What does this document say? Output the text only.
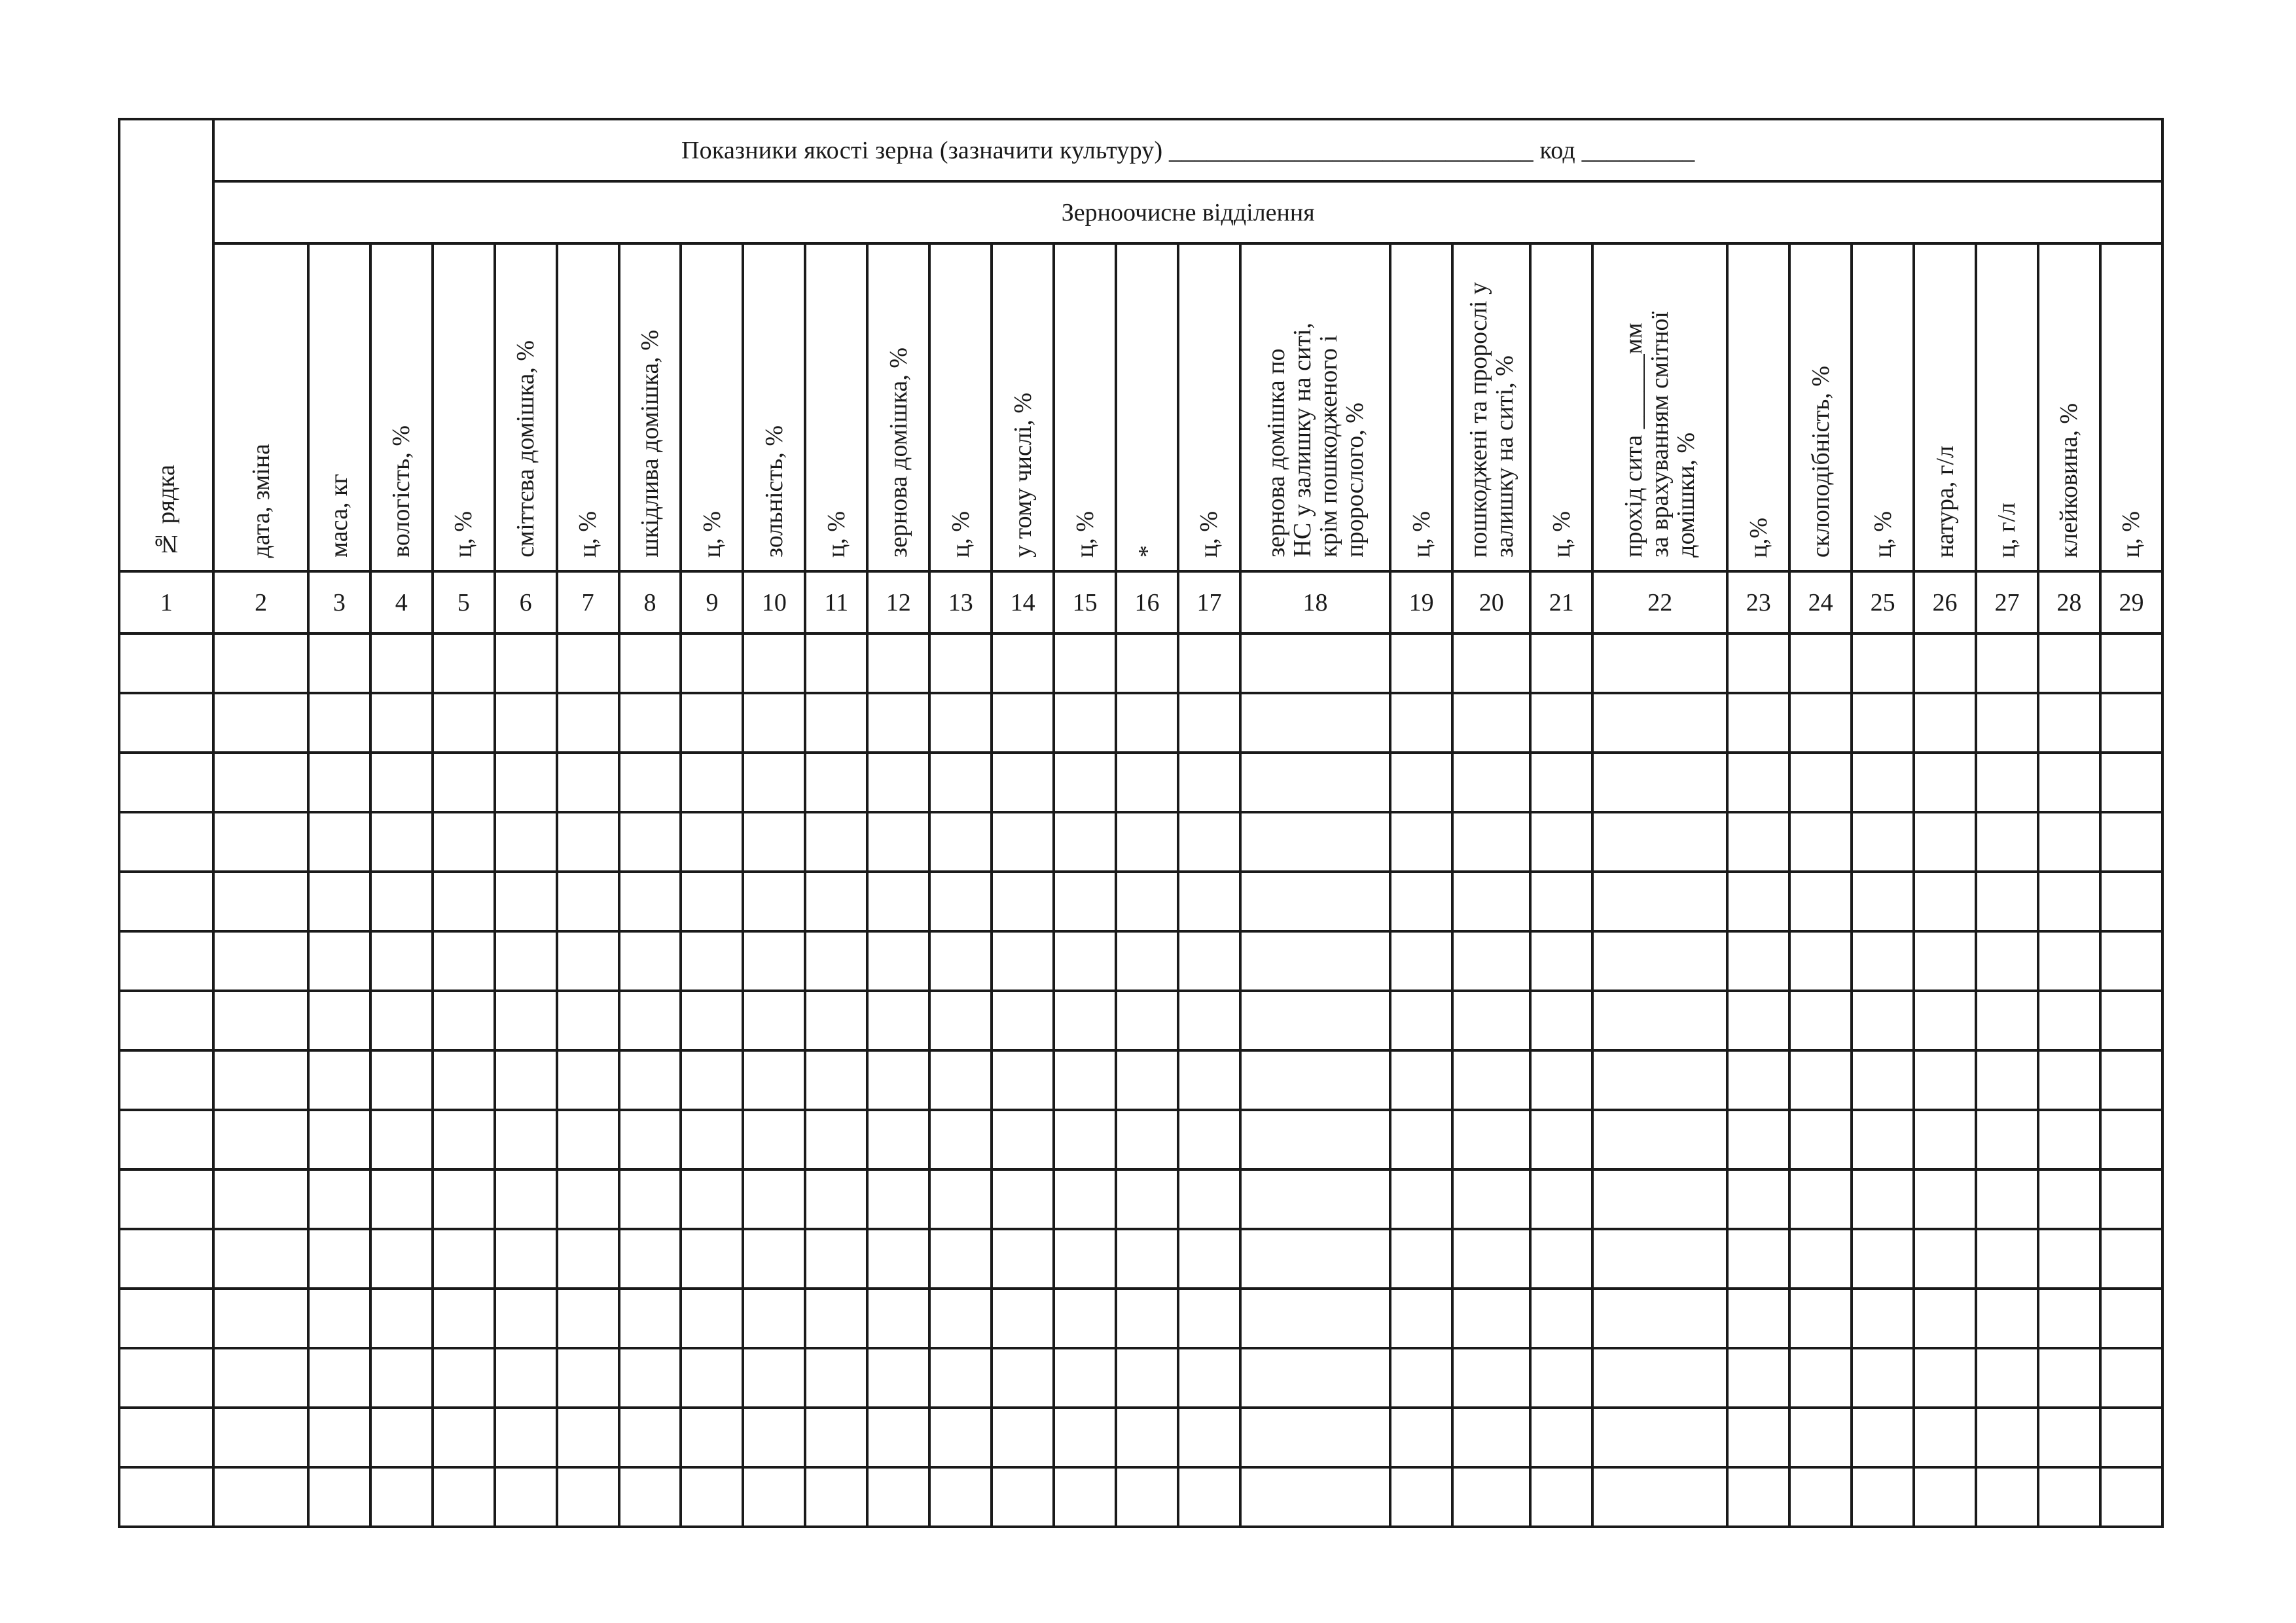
№ рядка	Показники якості зерна (зазначити культуру) _____________________________ код _________																											
	Зерноочисне відділення																											
	дата, зміна	маса, кг	вологість, %	ц, %	сміттєва домішка, %	ц, %	шкідлива домішка, %	ц, %	зольність, %	ц, %	зернова домішка, %	ц, %	у тому числі, %	ц, %	*	ц, %	зернова домішка по
НС у залишку на ситі,
крім пошкодженого і
пророслого, %	ц, %	пошкоджені та пророслі у
залишку на ситі, %	ц, %	прохід сита ______мм
за врахуванням смітної
домішки, %	ц,%	склоподібність, %	ц, %	натура, г/л	ц, г/л	клейковина, %	ц, %
1	2	3	4	5	6	7	8	9	10	11	12	13	14	15	16	17	18	19	20	21	22	23	24	25	26	27	28	29
